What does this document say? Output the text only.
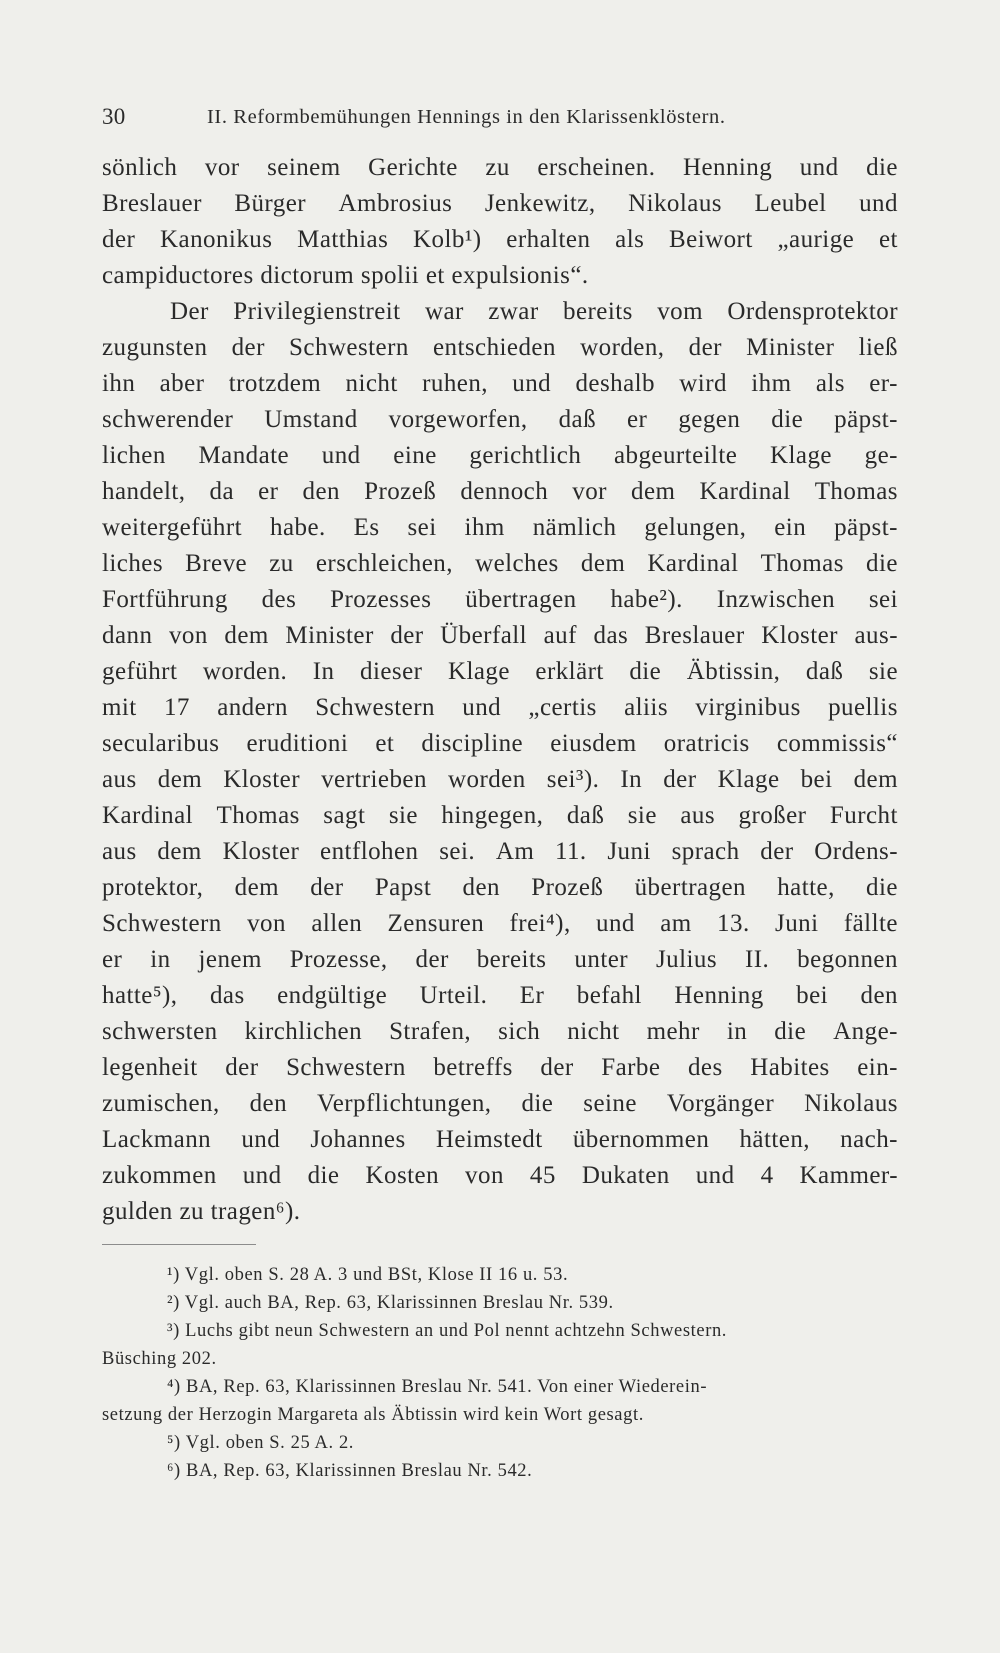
30	II. Reformbemühungen Hennings in den Klarissenklöstern.
sönlich vor seinem Gerichte zu erscheinen. Henning und die
Breslauer Bürger Ambrosius Jenkewitz, Nikolaus Leubel und
der Kanonikus Matthias Kolb¹) erhalten als Beiwort „aurige et
campiductores dictorum spolii et expulsionis“.
Der Privilegienstreit war zwar bereits vom Ordensprotektor
zugunsten der Schwestern entschieden worden, der Minister ließ
ihn aber trotzdem nicht ruhen, und deshalb wird ihm als er-
schwerender Umstand vorgeworfen, daß er gegen die päpst-
lichen Mandate und eine gerichtlich abgeurteilte Klage ge-
handelt, da er den Prozeß dennoch vor dem Kardinal Thomas
weitergeführt habe. Es sei ihm nämlich gelungen, ein päpst-
liches Breve zu erschleichen, welches dem Kardinal Thomas die
Fortführung des Prozesses übertragen habe²). Inzwischen sei
dann von dem Minister der Überfall auf das Breslauer Kloster aus-
geführt worden. In dieser Klage erklärt die Äbtissin, daß sie
mit 17 andern Schwestern und „certis aliis virginibus puellis
secularibus eruditioni et discipline eiusdem oratricis commissis“
aus dem Kloster vertrieben worden sei³). In der Klage bei dem
Kardinal Thomas sagt sie hingegen, daß sie aus großer Furcht
aus dem Kloster entflohen sei. Am 11. Juni sprach der Ordens-
protektor, dem der Papst den Prozeß übertragen hatte, die
Schwestern von allen Zensuren frei⁴), und am 13. Juni fällte
er in jenem Prozesse, der bereits unter Julius II. begonnen
hatte⁵), das endgültige Urteil. Er befahl Henning bei den
schwersten kirchlichen Strafen, sich nicht mehr in die Ange-
legenheit der Schwestern betreffs der Farbe des Habites ein-
zumischen, den Verpflichtungen, die seine Vorgänger Nikolaus
Lackmann und Johannes Heimstedt übernommen hätten, nach-
zukommen und die Kosten von 45 Dukaten und 4 Kammer-
gulden zu tragen⁶).
¹) Vgl. oben S. 28 A. 3 und BSt, Klose II 16 u. 53.
²) Vgl. auch BA, Rep. 63, Klarissinnen Breslau Nr. 539.
³) Luchs gibt neun Schwestern an und Pol nennt achtzehn Schwestern.
Büsching 202.
⁴) BA, Rep. 63, Klarissinnen Breslau Nr. 541. Von einer Wiederein-
setzung der Herzogin Margareta als Äbtissin wird kein Wort gesagt.
⁵) Vgl. oben S. 25 A. 2.
⁶) BA, Rep. 63, Klarissinnen Breslau Nr. 542.
